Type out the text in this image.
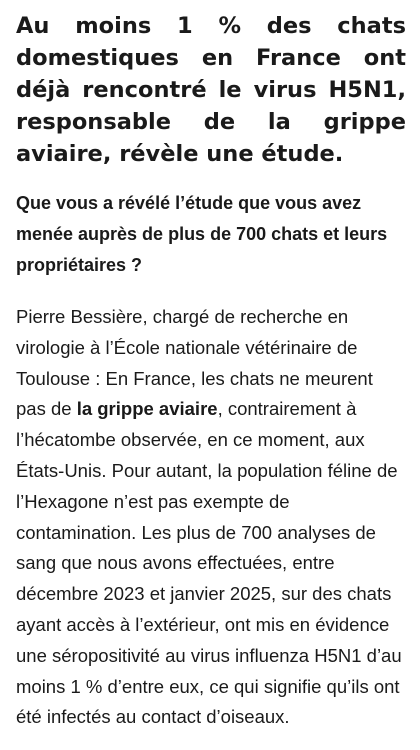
Au moins 1 % des chats domestiques en France ont déjà rencontré le virus H5N1, responsable de la grippe aviaire, révèle une étude.
Que vous a révélé l’étude que vous avez menée auprès de plus de 700 chats et leurs propriétaires ?

Pierre Bessière, chargé de recherche en virologie à l’École nationale vétérinaire de Toulouse : En France, les chats ne meurent pas de la grippe aviaire, contrairement à l’hécatombe observée, en ce moment, aux États-Unis. Pour autant, la population féline de l’Hexagone n’est pas exempte de contamination. Les plus de 700 analyses de sang que nous avons effectuées, entre décembre 2023 et janvier 2025, sur des chats ayant accès à l’extérieur, ont mis en évidence une séropositivité au virus influenza H5N1 d’au moins 1 % d’entre eux, ce qui signifie qu’ils ont été infectés au contact d’oiseaux.
